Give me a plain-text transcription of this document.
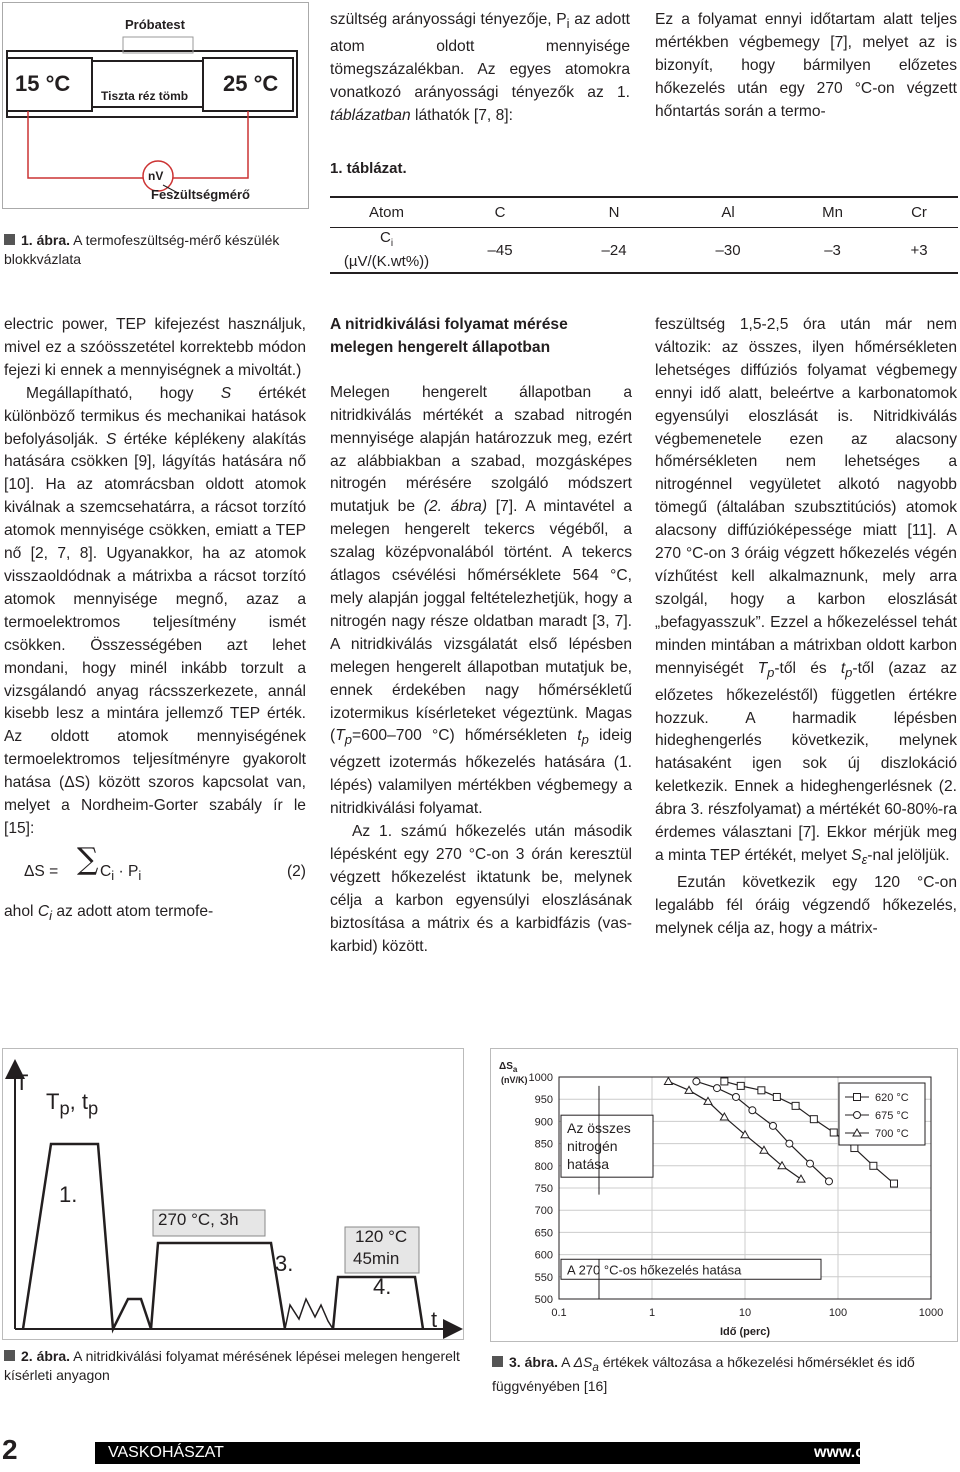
Próbatest
15 °C	25 °C
Tiszta réz tömb
nV
Feszültségmérő
1. ábra. A termofeszültség-mérő készülék blokkvázlata

szültség arányossági tényezője, $P_i$ az adott atom oldott mennyisége tömegszázalékban. Az egyes atomokra vonatkozó arányossági tényezők az 1. táblázatban láthatók [7, 8]:

Ez a folyamat ennyi időtartam alatt teljes mértékben végbemegy [7], melyet az is bizonyít, hogy bármilyen előzetes hőkezelés után egy 270 °C-on végzett hőntartás során a termo-

1. táblázat.
Atom	C	N	Al	Mn	Cr
$C_i$
(µV/(K.wt%))	–45	–24	–30	–3	+3

electric power, TEP kifejezést használjuk, mivel ez a szóösszetétel korrektebb módon fejezi ki ennek a mennyiségnek a mivoltát.)

Megállapítható, hogy S értékét különböző termikus és mechanikai hatások befolyásolják. S értéke képlékeny alakítás hatására csökken [9], lágyítás hatására nő [10]. Ha az atomrácsban oldott atomok kiválnak a szemcsehatárra, a rácsot torzító atomok mennyisége csökken, emiatt a TEP nő [2, 7, 8]. Ugyanakkor, ha az atomok visszaoldódnak a mátrixba a rácsot torzító atomok mennyisége megnő, azaz a termoelektromos teljesítmény ismét csökken. Összességében azt lehet mondani, hogy minél inkább torzult a vizsgálandó anyag rácsszerkezete, annál kisebb lesz a mintára jellemző TEP érték. Az oldott atomok mennyiségének termoelektromos teljesítményre gyakorolt hatása (ΔS) között szoros kapcsolat van, melyet a Nordheim-Gorter szabály ír le [15]:

ΔS = ∑ $C_i \cdot P_i$	(2)

ahol $C_i$ az adott atom termofe-

A nitridkiválási folyamat mérése melegen hengerelt állapotban

Melegen hengerelt állapotban a nitridkiválás mértékét a szabad nitrogén mennyisége alapján határozzuk meg, ezért az alábbiakban a szabad, mozgásképes nitrogén mérésére szolgáló módszert mutatjuk be (2. ábra) [7]. A mintavétel a melegen hengerelt tekercs végéből, a szalag középvonalából történt. A tekercs átlagos csévélési hőmérséklete 564 °C, mely alapján joggal feltételezhetjük, hogy a nitrogén nagy része oldatban maradt [3, 7]. A nitridkiválás vizsgálatát első lépésben melegen hengerelt állapotban mutatjuk be, ennek érdekében nagy hőmérsékletű izotermikus kísérleteket végeztünk. Magas ($T_p=600-700$ °C) hőmérsékleten $t_p$ ideig végzett izotermás hőkezelés hatására (1. lépés) valamilyen mértékben végbemegy a nitridkiválási folyamat.

Az 1. számú hőkezelés után második lépésként egy 270 °C-on 3 órán keresztül végzett hőkezelést iktatunk be, melynek célja a karbon egyensúlyi eloszlásának biztosítása a mátrix és a karbidfázis (vas-karbid) között.

feszültség 1,5-2,5 óra után már nem változik: az összes, ilyen hőmérsékleten lehetséges diffúziós folyamat végbemegy ennyi idő alatt, beleértve a karbonatomok egyensúlyi eloszlását is. Nitridkiválás végbemenetele ezen az alacsony hőmérsékleten nem lehetséges a nitrogénnel vegyületet alkotó nagyobb tömegű (általában szubsztitúciós) atomok alacsony diffúzióképessége miatt [11]. A 270 °C-on 3 óráig végzett hőkezelés végén vízhűtést kell alkalmaznunk, mely arra szolgál, hogy a karbon eloszlását „befagyasszuk”. Ezzel a hőkezeléssel tehát minden mintában a mátrixban oldott karbon mennyiségét $T_p$-től és $t_p$-től (azaz az előzetes hőkezeléstől) független értékre hozzuk. A harmadik lépésben hideghengerlés következik, melynek hatásaként igen sok új diszlokáció keletkezik. Ennek a hideghengerlésnek (2. ábra 3. részfolyamat) a mértékét 60-80%-ra érdemes választani [7]. Ekkor mérjük meg a minta TEP értékét, melyet $S_\varepsilon$-nal jelöljük.

Ezután következik egy 120 °C-on legalább fél óráig végzendő hőkezelés, melynek célja az, hogy a mátrix-

T
$T_p$, $t_p$
1.
270 °C, 3h
3.
120 °C
45min
4.
t
2. ábra. A nitridkiválási folyamat mérésének lépései melegen hengerelt kísérleti anyagon
1000
950
900
850
800
750
700
650
600
550
500
0.1	1	10	100	1000
$\Delta S_a$
(nV/K)
Idő (perc)
Az összes
nitrogén
hatása
A 270 °C-os hőkezelés hatása
620 °C
675 °C
700 °C
3. ábra. A $\Delta S_a$ értékek változása a hőkezelési hőmérséklet és idő függvényében [16]
2	VASKOHÁSZAT	www.ombkenet.hu
